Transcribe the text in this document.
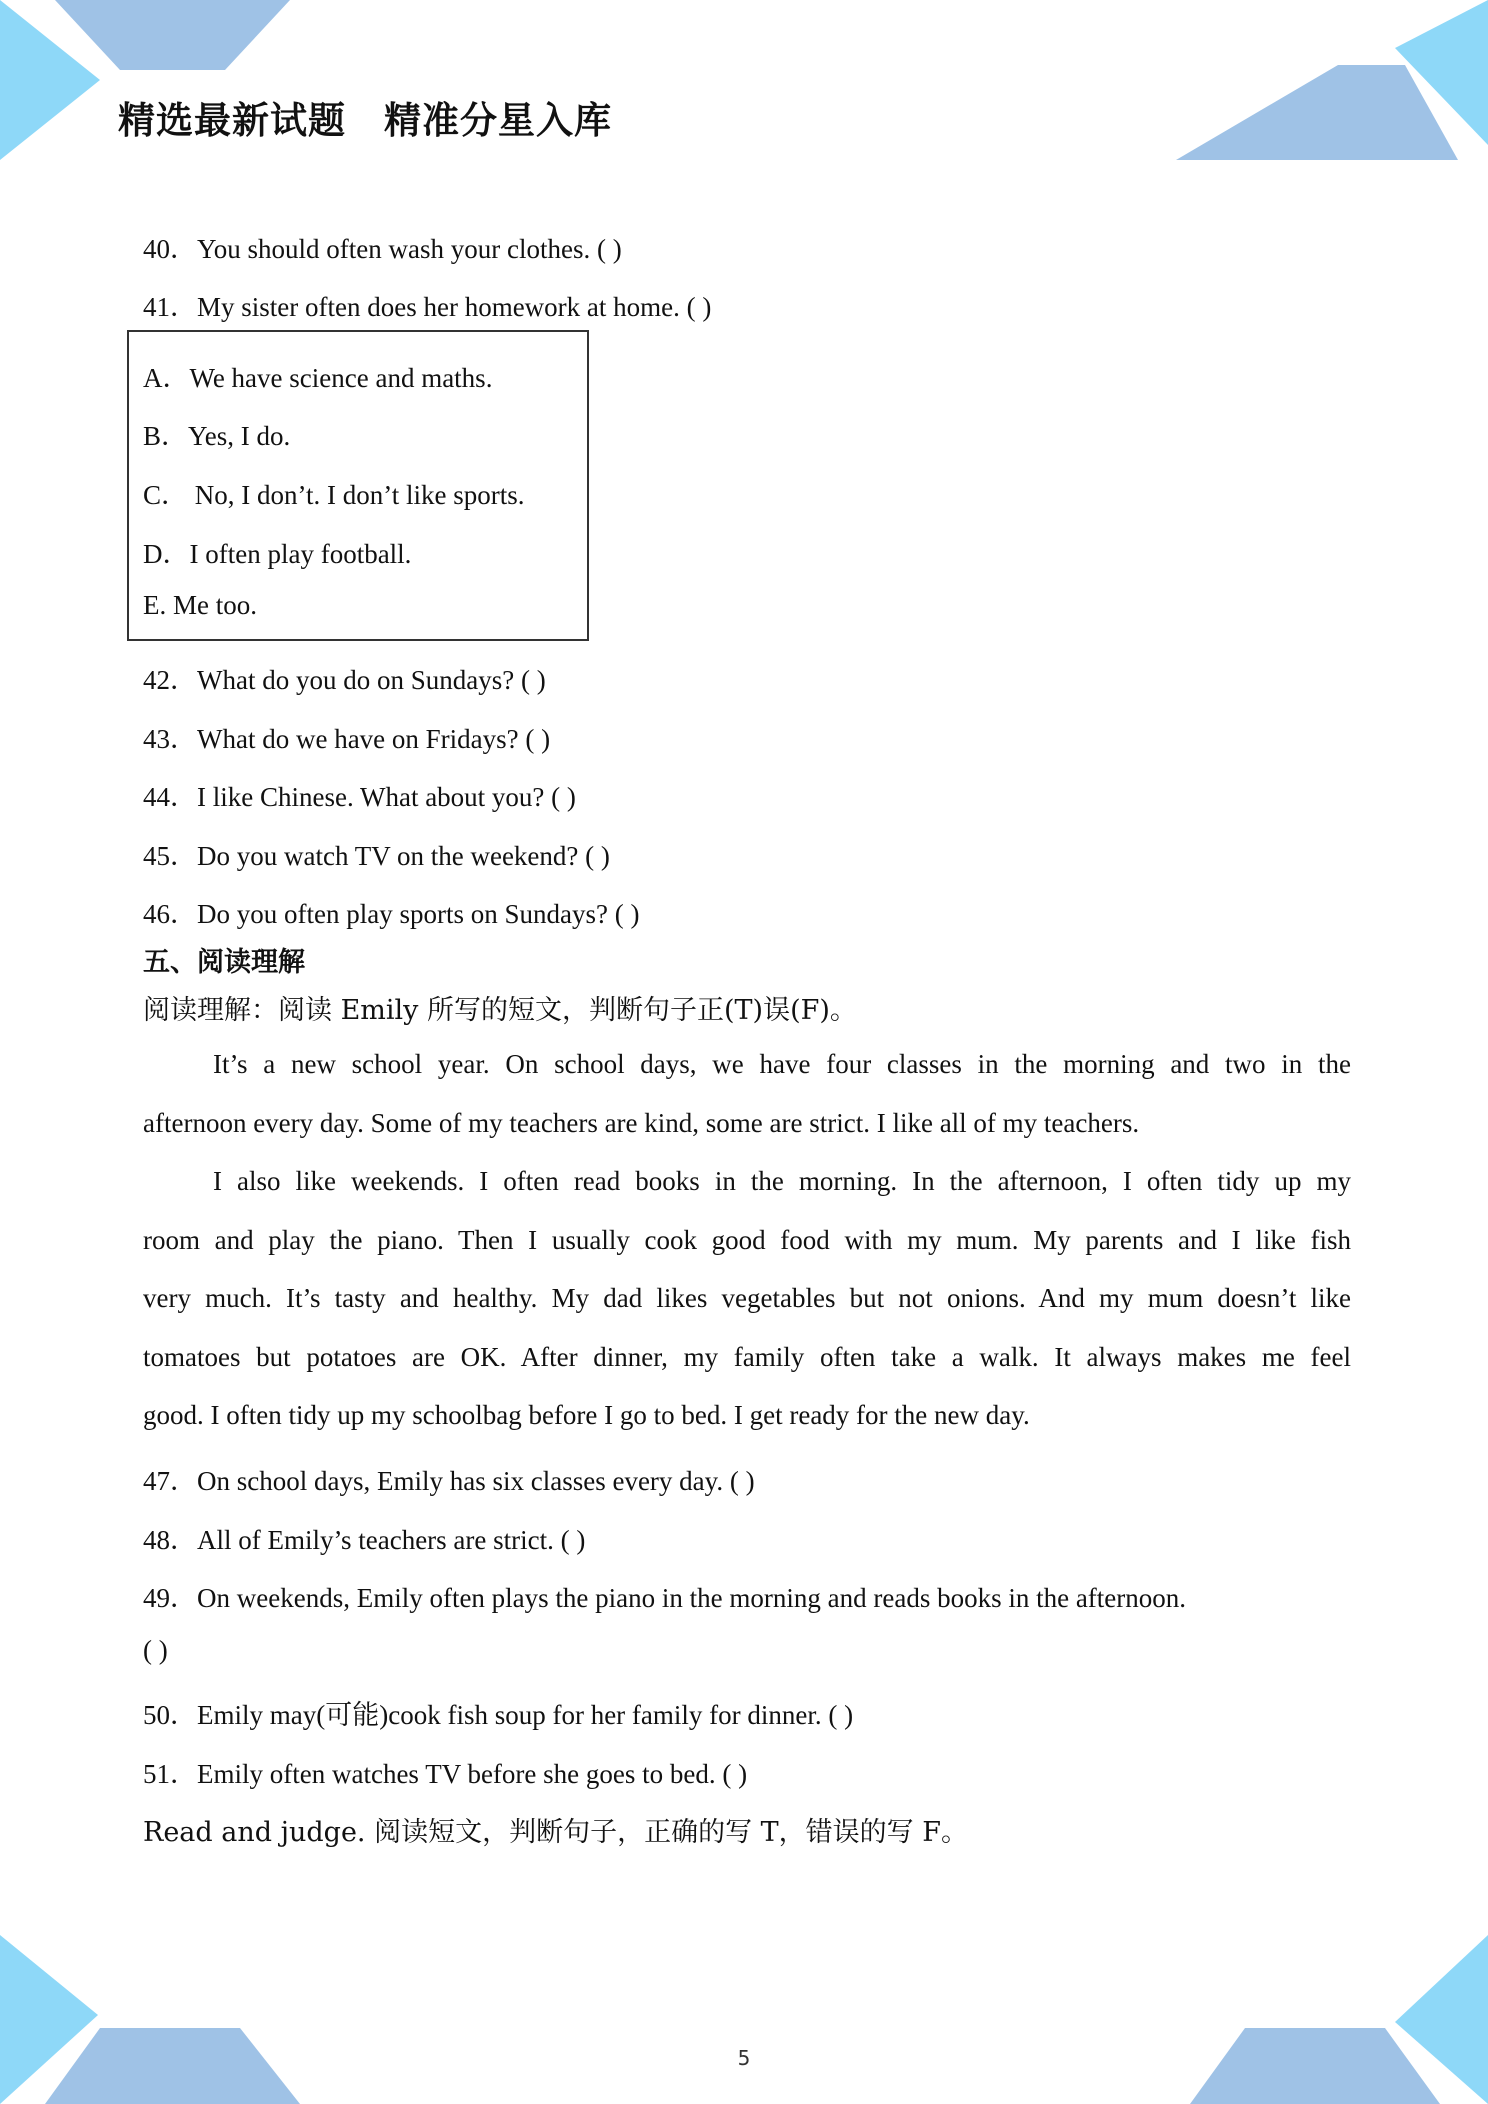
精选最新试题　精准分星入库
40．You should often wash your clothes. ( )
41．My sister often does her homework at home. ( )
A．We have science and maths.
B．Yes, I do.
C． No, I don’t. I don’t like sports.
D．I often play football.
E. Me too.
42．What do you do on Sundays? ( )
43．What do we have on Fridays? ( )
44．I like Chinese. What about you? ( )
45．Do you watch TV on the weekend? ( )
46．Do you often play sports on Sundays? ( )
五、阅读理解
阅读理解：阅读 Emily 所写的短文，判断句子正(T)误(F)。
It’s a new school year. On school days, we have four classes in the morning and two in the
afternoon every day. Some of my teachers are kind, some are strict. I like all of my teachers.
I also like weekends. I often read books in the morning. In the afternoon, I often tidy up my
room and play the piano. Then I usually cook good food with my mum. My parents and I like fish
very much. It’s tasty and healthy. My dad likes vegetables but not onions. And my mum doesn’t like
tomatoes but potatoes are OK. After dinner, my family often take a walk. It always makes me feel
good. I often tidy up my schoolbag before I go to bed. I get ready for the new day.
47．On school days, Emily has six classes every day. ( )
48．All of Emily’s teachers are strict. ( )
49．On weekends, Emily often plays the piano in the morning and reads books in the afternoon.
( )
50．Emily may(可能)cook fish soup for her family for dinner. ( )
51．Emily often watches TV before she goes to bed. ( )
Read and judge. 阅读短文，判断句子，正确的写 T，错误的写 F。
5
